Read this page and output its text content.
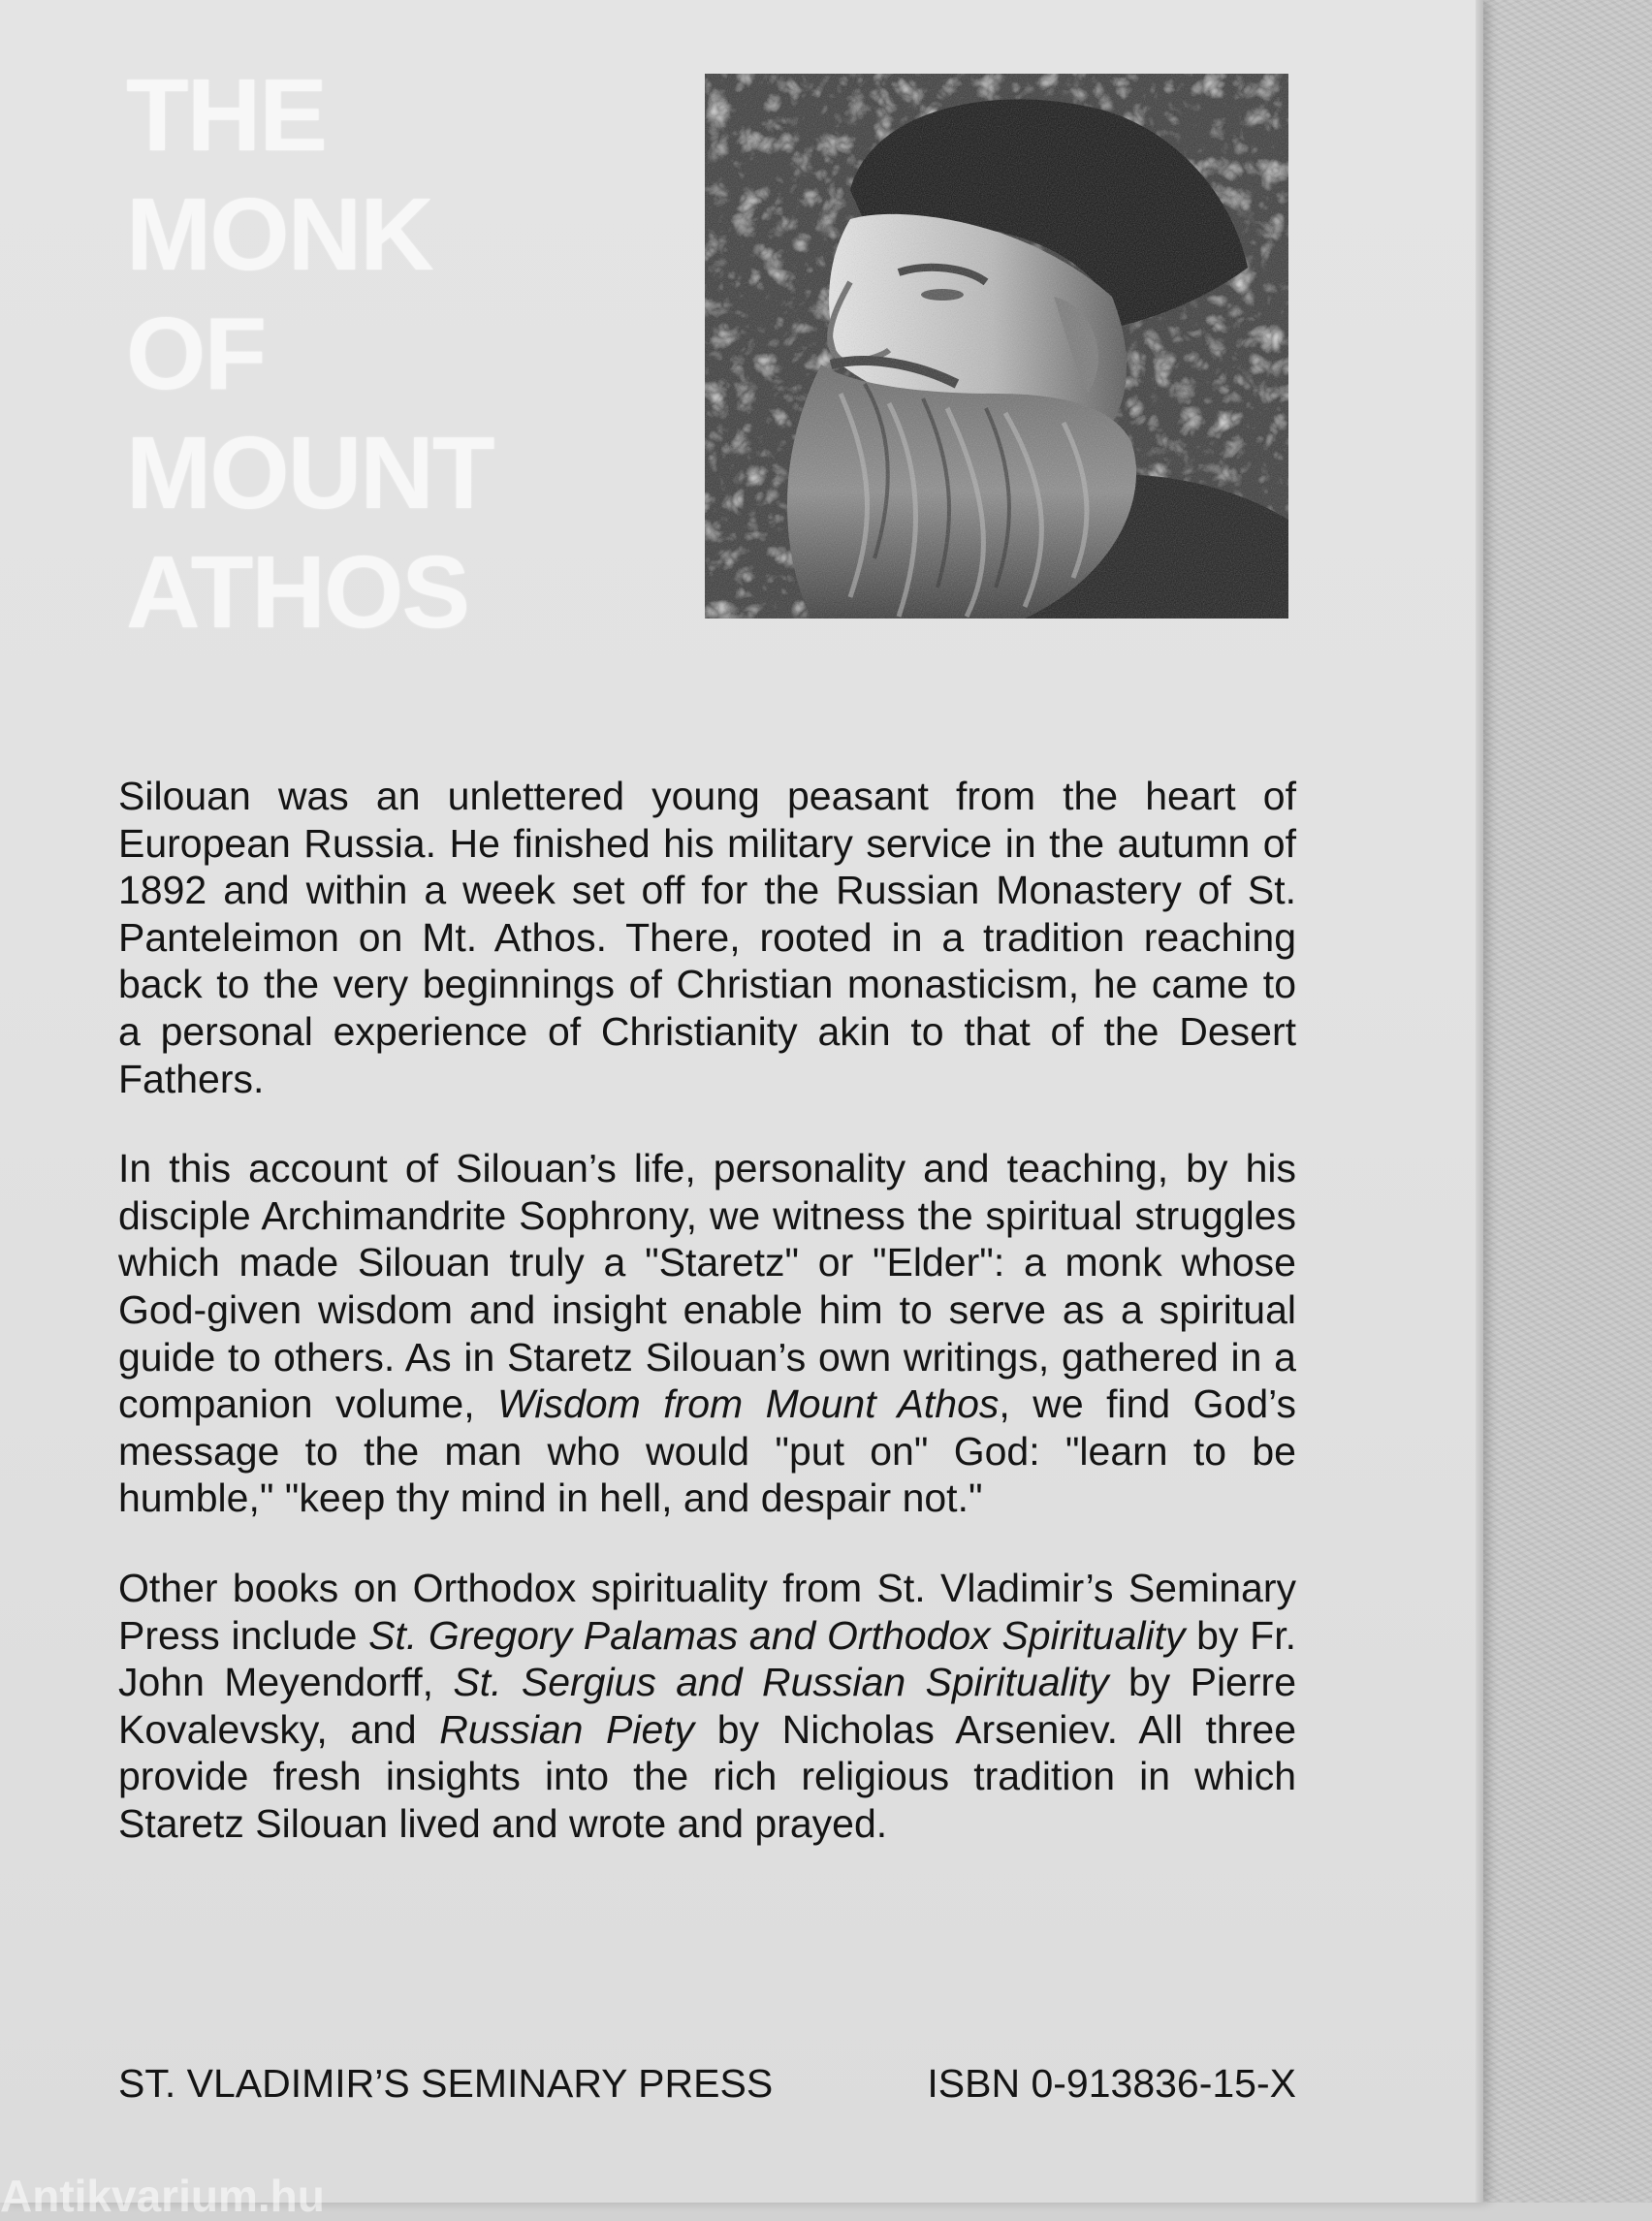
THE
MONK
OF
MOUNT
ATHOS

Silouan was an unlettered young peasant from the heart of European Russia. He finished his military service in the autumn of 1892 and within a week set off for the Russian Monastery of St. Panteleimon on Mt. Athos. There, rooted in a tradition reaching back to the very beginnings of Christian monasticism, he came to a personal experience of Christianity akin to that of the Desert Fathers.

In this account of Silouan’s life, personality and teaching, by his disciple Archimandrite Sophrony, we witness the spiritual struggles which made Silouan truly a "Staretz" or "Elder": a monk whose God-given wisdom and insight enable him to serve as a spiritual guide to others. As in Staretz Silouan’s own writings, gathered in a companion volume, Wisdom from Mount Athos, we find God’s message to the man who would "put on" God: "learn to be humble," "keep thy mind in hell, and despair not."

Other books on Orthodox spirituality from St. Vladimir’s Seminary Press include St. Gregory Palamas and Orthodox Spirituality by Fr. John Meyendorff, St. Sergius and Russian Spirituality by Pierre Kovalevsky, and Russian Piety by Nicholas Arseniev. All three provide fresh insights into the rich religious tradition in which Staretz Silouan lived and wrote and prayed.

ST. VLADIMIR’S SEMINARY PRESS	ISBN 0-913836-15-X
Antikvarium.hu
